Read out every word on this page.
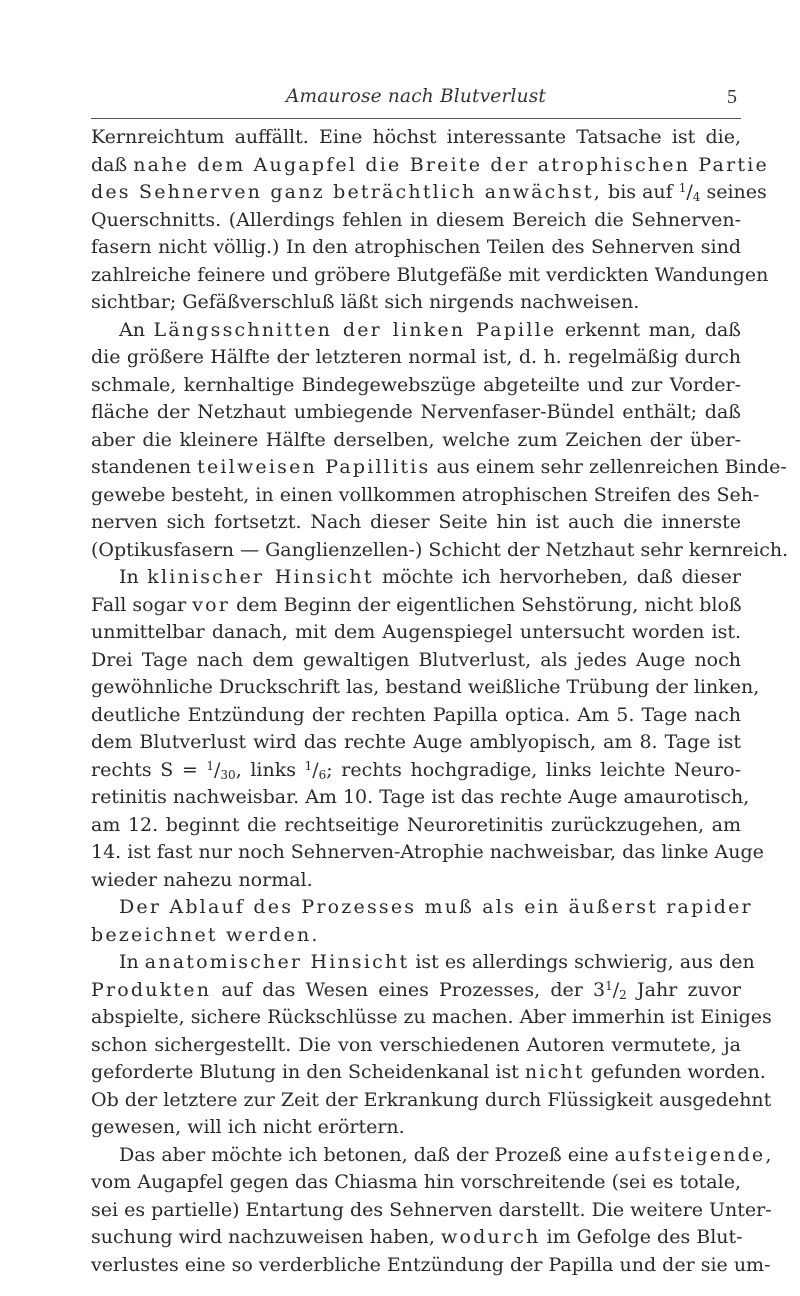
Amaurose nach Blutverlust	5
Kernreichtum auffällt. Eine höchst interessante Tatsache ist die,
daß nahe dem Augapfel die Breite der atrophischen Partie
des Sehnerven ganz beträchtlich anwächst, bis auf $^1/_4$ seines
Querschnitts. (Allerdings fehlen in diesem Bereich die Sehnerven-
fasern nicht völlig.) In den atrophischen Teilen des Sehnerven sind
zahlreiche feinere und gröbere Blutgefäße mit verdickten Wandungen
sichtbar; Gefäßverschluß läßt sich nirgends nachweisen.
An Längsschnitten der linken Papille erkennt man, daß
die größere Hälfte der letzteren normal ist, d. h. regelmäßig durch
schmale, kernhaltige Bindegewebszüge abgeteilte und zur Vorder-
fläche der Netzhaut umbiegende Nervenfaser-Bündel enthält; daß
aber die kleinere Hälfte derselben, welche zum Zeichen der über-
standenen teilweisen Papillitis aus einem sehr zellenreichen Binde-
gewebe besteht, in einen vollkommen atrophischen Streifen des Seh-
nerven sich fortsetzt. Nach dieser Seite hin ist auch die innerste
(Optikusfasern — Ganglienzellen-) Schicht der Netzhaut sehr kernreich.
In klinischer Hinsicht möchte ich hervorheben, daß dieser
Fall sogar vor dem Beginn der eigentlichen Sehstörung, nicht bloß
unmittelbar danach, mit dem Augenspiegel untersucht worden ist.
Drei Tage nach dem gewaltigen Blutverlust, als jedes Auge noch
gewöhnliche Druckschrift las, bestand weißliche Trübung der linken,
deutliche Entzündung der rechten Papilla optica. Am 5. Tage nach
dem Blutverlust wird das rechte Auge amblyopisch, am 8. Tage ist
rechts $S = ^1/_{30}$, links $^1/_6$; rechts hochgradige, links leichte Neuro-
retinitis nachweisbar. Am 10. Tage ist das rechte Auge amaurotisch,
am 12. beginnt die rechtseitige Neuroretinitis zurückzugehen, am
14. ist fast nur noch Sehnerven-Atrophie nachweisbar, das linke Auge
wieder nahezu normal.
Der Ablauf des Prozesses muß als ein äußerst rapider
bezeichnet werden.
In anatomischer Hinsicht ist es allerdings schwierig, aus den
Produkten auf das Wesen eines Prozesses, der $3^1/_2$ Jahr zuvor
abspielte, sichere Rückschlüsse zu machen. Aber immerhin ist Einiges
schon sichergestellt. Die von verschiedenen Autoren vermutete, ja
geforderte Blutung in den Scheidenkanal ist nicht gefunden worden.
Ob der letztere zur Zeit der Erkrankung durch Flüssigkeit ausgedehnt
gewesen, will ich nicht erörtern.
Das aber möchte ich betonen, daß der Prozeß eine aufsteigende,
vom Augapfel gegen das Chiasma hin vorschreitende (sei es totale,
sei es partielle) Entartung des Sehnerven darstellt. Die weitere Unter-
suchung wird nachzuweisen haben, wodurch im Gefolge des Blut-
verlustes eine so verderbliche Entzündung der Papilla und der sie um-
